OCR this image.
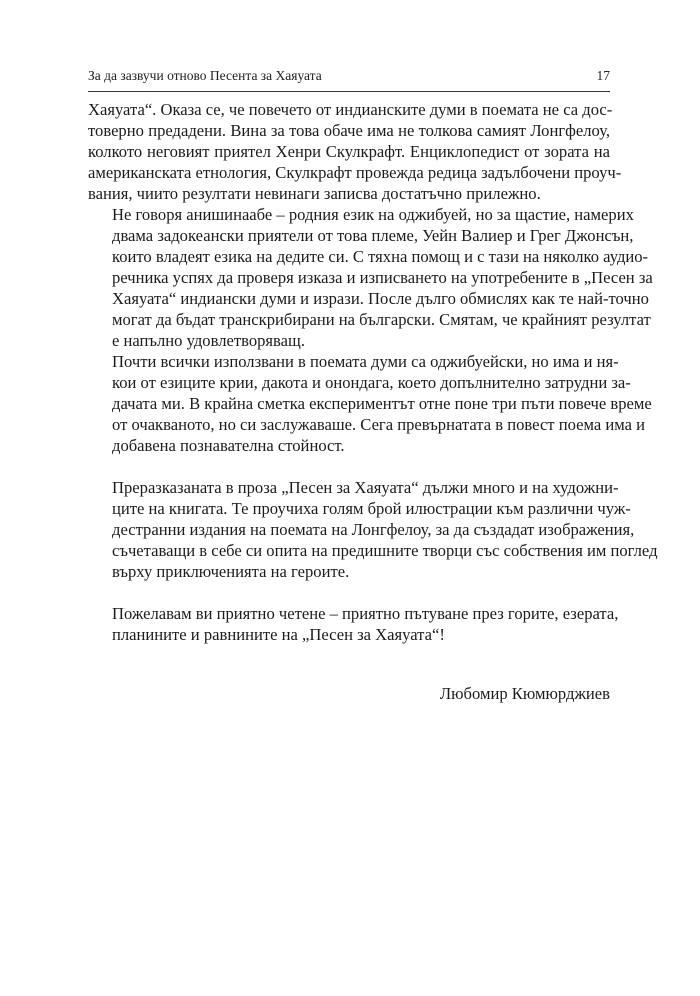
За да зазвучи отново Песента за Хаяуата	17

Хаяуата“. Оказа се, че повечето от индианските думи в поемата не са дос-
товерно предадени. Вина за това обаче има не толкова самият Лонгфелоу,
колкото неговият приятел Хенри Скулкрафт. Енциклопедист от зората на
американската етнология, Скулкрафт провежда редица задълбочени проуч-
вания, чиито резултати невинаги записва достатъчно прилежно.

Не говоря анишинаабе – родния език на оджибуей, но за щастие, намерих
двама задокеански приятели от това племе, Уейн Валиер и Грег Джонсън,
които владеят езика на дедите си. С тяхна помощ и с тази на няколко аудио-
речника успях да проверя изказа и изписването на употребените в „Песен за
Хаяуата“ индиански думи и изрази. После дълго обмислях как те най-точно
могат да бъдат транскрибирани на български. Смятам, че крайният резултат
е напълно удовлетворяващ.

Почти всички използвани в поемата думи са оджибуейски, но има и ня-
кои от езиците крии, дакота и онондага, което допълнително затрудни за-
дачата ми. В крайна сметка експериментът отне поне три пъти повече време
от очакваното, но си заслужаваше. Сега превърнатата в повест поема има и
добавена познавателна стойност.

Преразказаната в проза „Песен за Хаяуата“ дължи много и на художни-
ците на книгата. Те проучиха голям брой илюстрации към различни чуж-
дестранни издания на поемата на Лонгфелоу, за да създадат изображения,
съчетаващи в себе си опита на предишните творци със собствения им поглед
върху приключенията на героите.

Пожелавам ви приятно четене – приятно пътуване през горите, езерата,
планините и равнините на „Песен за Хаяуата“!

Любомир Кюмюрджиев
